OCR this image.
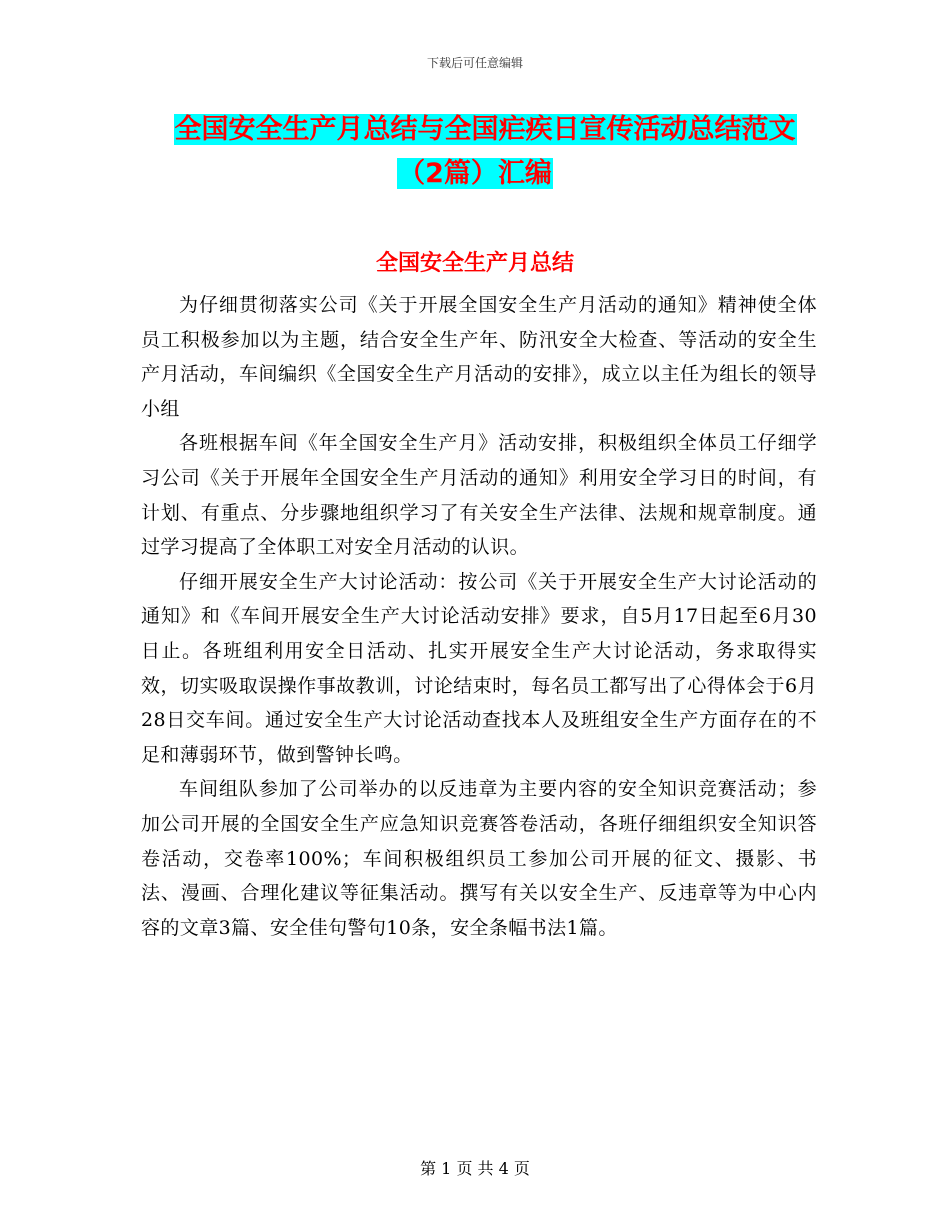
下载后可任意编辑
全国安全生产月总结与全国疟疾日宣传活动总结范文
（2篇）汇编
全国安全生产月总结

为仔细贯彻落实公司《关于开展全国安全生产月活动的通知》精神使全体员工积极参加以为主题，结合安全生产年、防汛安全大检查、等活动的安全生产月活动，车间编织《全国安全生产月活动的安排》，成立以主任为组长的领导小组

各班根据车间《年全国安全生产月》活动安排，积极组织全体员工仔细学习公司《关于开展年全国安全生产月活动的通知》利用安全学习日的时间，有计划、有重点、分步骤地组织学习了有关安全生产法律、法规和规章制度。通过学习提高了全体职工对安全月活动的认识。

仔细开展安全生产大讨论活动：按公司《关于开展安全生产大讨论活动的通知》和《车间开展安全生产大讨论活动安排》要求，自5月17日起至6月30日止。各班组利用安全日活动、扎实开展安全生产大讨论活动，务求取得实效，切实吸取误操作事故教训，讨论结束时，每名员工都写出了心得体会于6月28日交车间。通过安全生产大讨论活动查找本人及班组安全生产方面存在的不足和薄弱环节，做到警钟长鸣。

车间组队参加了公司举办的以反违章为主要内容的安全知识竞赛活动；参加公司开展的全国安全生产应急知识竞赛答卷活动，各班仔细组织安全知识答卷活动，交卷率100%；车间积极组织员工参加公司开展的征文、摄影、书法、漫画、合理化建议等征集活动。撰写有关以安全生产、反违章等为中心内容的文章3篇、安全佳句警句10条，安全条幅书法1篇。

第 1 页 共 4 页
